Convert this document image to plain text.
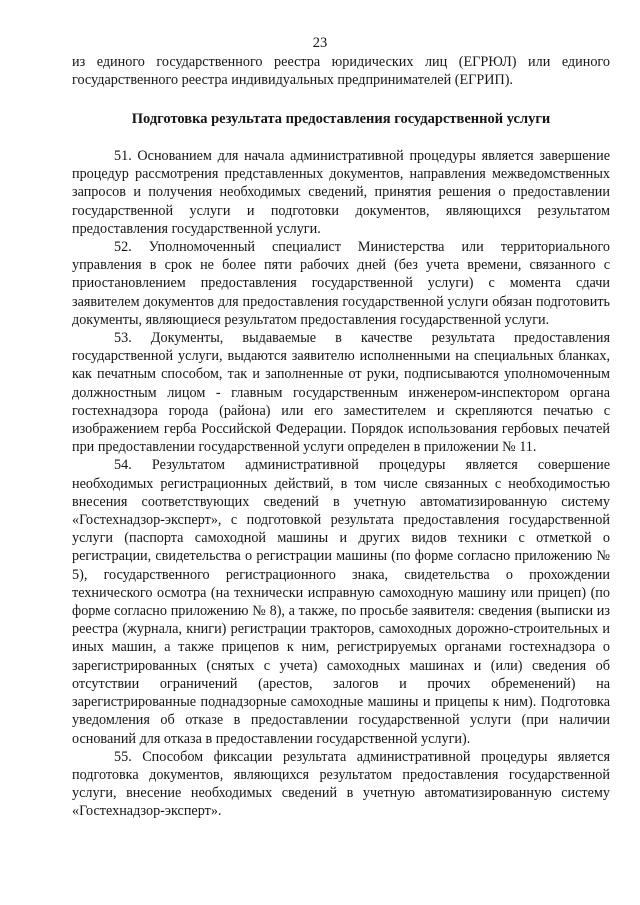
23
из единого государственного реестра юридических лиц (ЕГРЮЛ) или единого государственного реестра индивидуальных предпринимателей (ЕГРИП).
Подготовка результата предоставления государственной услуги

51. Основанием для начала административной процедуры является завершение процедур рассмотрения представленных документов, направления межведомственных запросов и получения необходимых сведений, принятия решения о предоставлении государственной услуги и подготовки документов, являющихся результатом предоставления государственной услуги.

52. Уполномоченный специалист Министерства или территориального управления в срок не более пяти рабочих дней (без учета времени, связанного с приостановлением предоставления государственной услуги) с момента сдачи заявителем документов для предоставления государственной услуги обязан подготовить документы, являющиеся результатом предоставления государственной услуги.

53. Документы, выдаваемые в качестве результата предоставления государственной услуги, выдаются заявителю исполненными на специальных бланках, как печатным способом, так и заполненные от руки, подписываются уполномоченным должностным лицом - главным государственным инженером-инспектором органа гостехнадзора города (района) или его заместителем и скрепляются печатью с изображением герба Российской Федерации. Порядок использования гербовых печатей при предоставлении государственной услуги определен в приложении № 11.

54. Результатом административной процедуры является совершение необходимых регистрационных действий, в том числе связанных с необходимостью внесения соответствующих сведений в учетную автоматизированную систему «Гостехнадзор-эксперт», с подготовкой результата предоставления государственной услуги (паспорта самоходной машины и других видов техники с отметкой о регистрации, свидетельства о регистрации машины (по форме согласно приложению № 5), государственного регистрационного знака, свидетельства о прохождении технического осмотра (на технически исправную самоходную машину или прицеп) (по форме согласно приложению № 8), а также, по просьбе заявителя: сведения (выписки из реестра (журнала, книги) регистрации тракторов, самоходных дорожно-строительных и иных машин, а также прицепов к ним, регистрируемых органами гостехнадзора о зарегистрированных (снятых с учета) самоходных машинах и (или) сведения об отсутствии ограничений (арестов, залогов и прочих обременений) на зарегистрированные поднадзорные самоходные машины и прицепы к ним). Подготовка уведомления об отказе в предоставлении государственной услуги (при наличии оснований для отказа в предоставлении государственной услуги).

55. Способом фиксации результата административной процедуры является подготовка документов, являющихся результатом предоставления государственной услуги, внесение необходимых сведений в учетную автоматизированную систему «Гостехнадзор-эксперт».
